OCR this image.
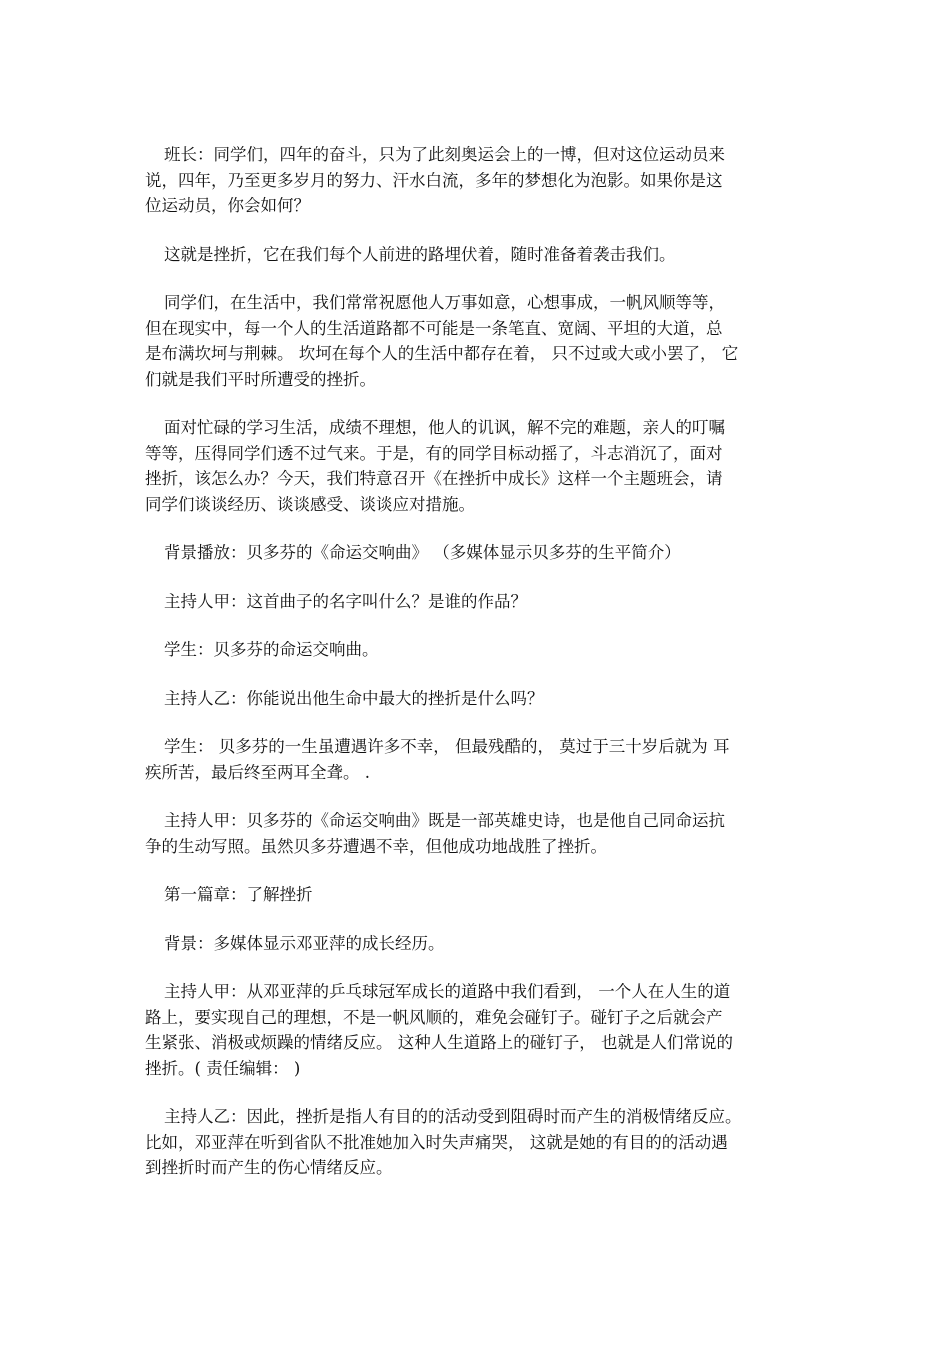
班长：同学们，四年的奋斗，只为了此刻奥运会上的一博，但对这位运动员来
说，四年，乃至更多岁月的努力、汗水白流，多年的梦想化为泡影。如果你是这
位运动员，你会如何？

这就是挫折，它在我们每个人前进的路埋伏着，随时准备着袭击我们。

同学们，在生活中，我们常常祝愿他人万事如意，心想事成，一帆风顺等等，
但在现实中，每一个人的生活道路都不可能是一条笔直、宽阔、平坦的大道，总
是布满坎坷与荆棘。 坎坷在每个人的生活中都存在着， 只不过或大或小罢了， 它
们就是我们平时所遭受的挫折。

面对忙碌的学习生活，成绩不理想，他人的讥讽，解不完的难题，亲人的叮嘱
等等，压得同学们透不过气来。于是，有的同学目标动摇了，斗志消沉了，面对
挫折，该怎么办？今天，我们特意召开《在挫折中成长》这样一个主题班会，请
同学们谈谈经历、谈谈感受、谈谈应对措施。

背景播放：贝多芬的《命运交响曲》 （多媒体显示贝多芬的生平简介）

主持人甲：这首曲子的名字叫什么？是谁的作品？

学生：贝多芬的命运交响曲。

主持人乙：你能说出他生命中最大的挫折是什么吗？

学生： 贝多芬的一生虽遭遇许多不幸， 但最残酷的， 莫过于三十岁后就为 耳
疾所苦，最后终至两耳全聋。 .

主持人甲：贝多芬的《命运交响曲》既是一部英雄史诗，也是他自己同命运抗
争的生动写照。虽然贝多芬遭遇不幸，但他成功地战胜了挫折。

第一篇章：了解挫折

背景：多媒体显示邓亚萍的成长经历。

主持人甲：从邓亚萍的乒乓球冠军成长的道路中我们看到， 一个人在人生的道
路上，要实现自己的理想，不是一帆风顺的，难免会碰钉子。碰钉子之后就会产
生紧张、消极或烦躁的情绪反应。 这种人生道路上的碰钉子， 也就是人们常说的
挫折。( 责任编辑： )

主持人乙：因此，挫折是指人有目的的活动受到阻碍时而产生的消极情绪反应。
比如，邓亚萍在听到省队不批准她加入时失声痛哭， 这就是她的有目的的活动遇
到挫折时而产生的伤心情绪反应。
